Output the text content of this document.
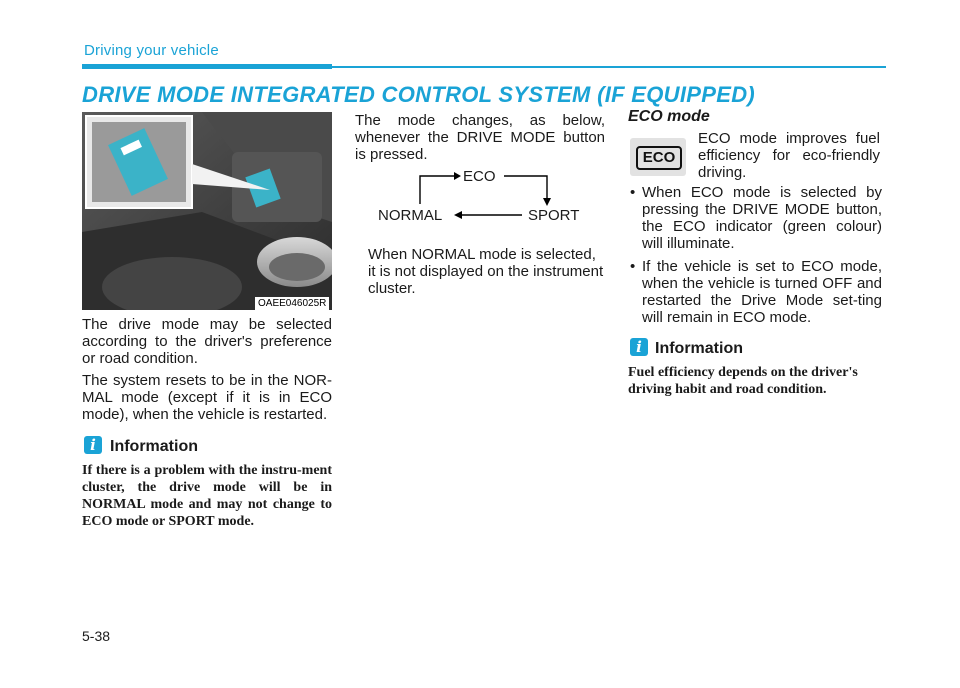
Driving your vehicle
DRIVE MODE INTEGRATED CONTROL SYSTEM (IF EQUIPPED)
OAEE046025R

The drive mode may be selected according to the driver's preference or road condition.

The system resets to be in the NOR-MAL mode (except if it is in ECO mode), when the vehicle is restarted.

i Information

If there is a problem with the instru-ment cluster, the drive mode will be in NORMAL mode and may not change to ECO mode or SPORT mode.

The mode changes, as below, whenever the DRIVE MODE button is pressed.

ECO
NORMAL	SPORT

When NORMAL mode is selected, it is not displayed on the instrument cluster.

ECO mode
ECO

ECO mode improves fuel efficiency for eco-friendly driving.

• When ECO mode is selected by pressing the DRIVE MODE button, the ECO indicator (green colour) will illuminate.
• If the vehicle is set to ECO mode, when the vehicle is turned OFF and restarted the Drive Mode set-ting will remain in ECO mode.
i Information

Fuel efficiency depends on the driver's driving habit and road condition.

5-38
